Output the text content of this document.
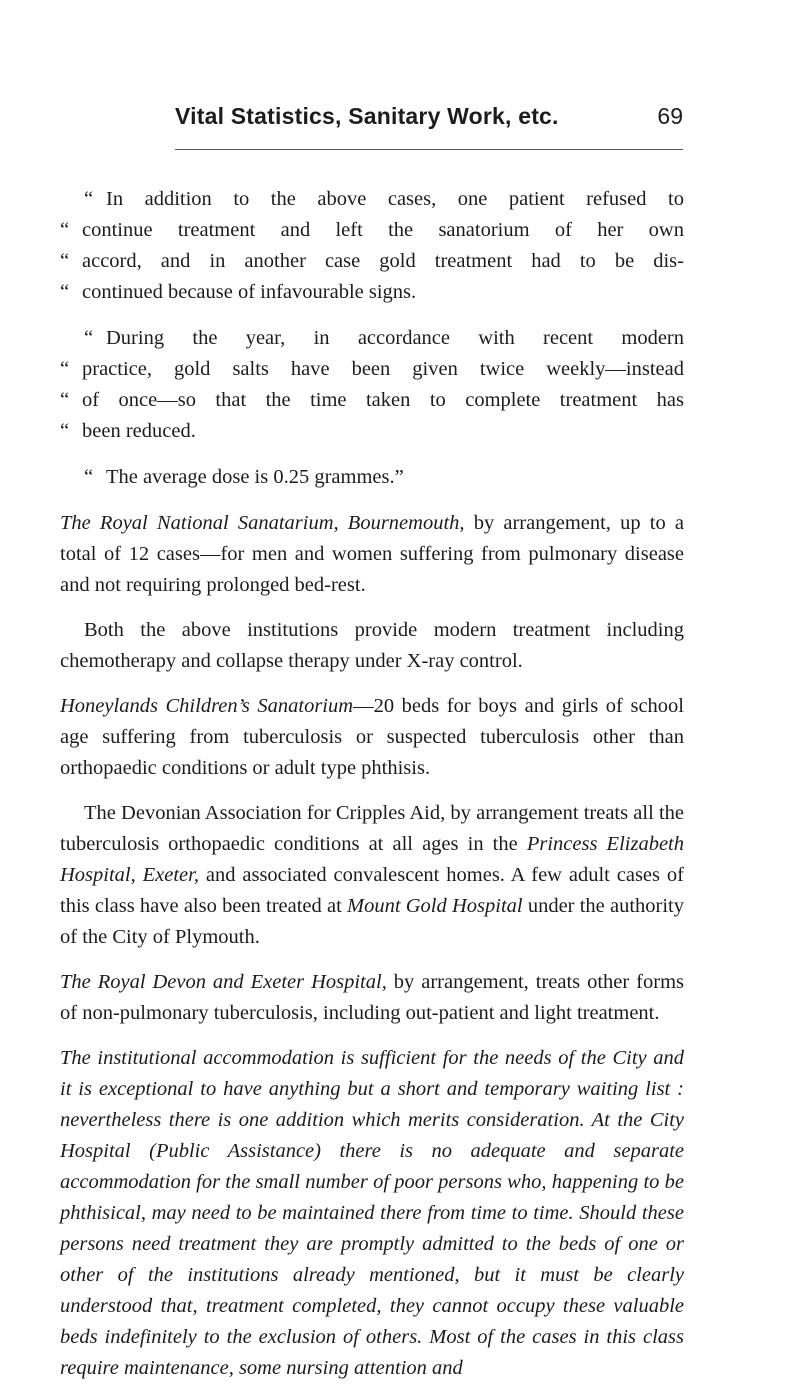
Vital Statistics, Sanitary Work, etc.	69
“ In addition to the above cases, one patient refused to
“ continue treatment and left the sanatorium of her own
“ accord, and in another case gold treatment had to be dis-
“ continued because of infavourable signs.
“ During the year, in accordance with recent modern
“ practice, gold salts have been given twice weekly—instead
“ of once—so that the time taken to complete treatment has
“ been reduced.
“ The average dose is 0.25 grammes.”

The Royal National Sanatarium, Bournemouth, by arrangement, up to a total of 12 cases—for men and women suffering from pulmonary disease and not requiring prolonged bed-rest.

Both the above institutions provide modern treatment including chemotherapy and collapse therapy under X-ray control.

Honeylands Children’s Sanatorium—20 beds for boys and girls of school age suffering from tuberculosis or suspected tuberculosis other than orthopaedic conditions or adult type phthisis.

The Devonian Association for Cripples Aid, by arrangement treats all the tuberculosis orthopaedic conditions at all ages in the Princess Elizabeth Hospital, Exeter, and associated convalescent homes. A few adult cases of this class have also been treated at Mount Gold Hospital under the authority of the City of Plymouth.

The Royal Devon and Exeter Hospital, by arrangement, treats other forms of non-pulmonary tuberculosis, including out-patient and light treatment.

The institutional accommodation is sufficient for the needs of the City and it is exceptional to have anything but a short and temporary waiting list : nevertheless there is one addition which merits consideration. At the City Hospital (Public Assistance) there is no adequate and separate accommodation for the small number of poor persons who, happening to be phthisical, may need to be maintained there from time to time. Should these persons need treatment they are promptly admitted to the beds of one or other of the institutions already mentioned, but it must be clearly understood that, treatment completed, they cannot occupy these valuable beds indefinitely to the exclusion of others. Most of the cases in this class require maintenance, some nursing attention and
